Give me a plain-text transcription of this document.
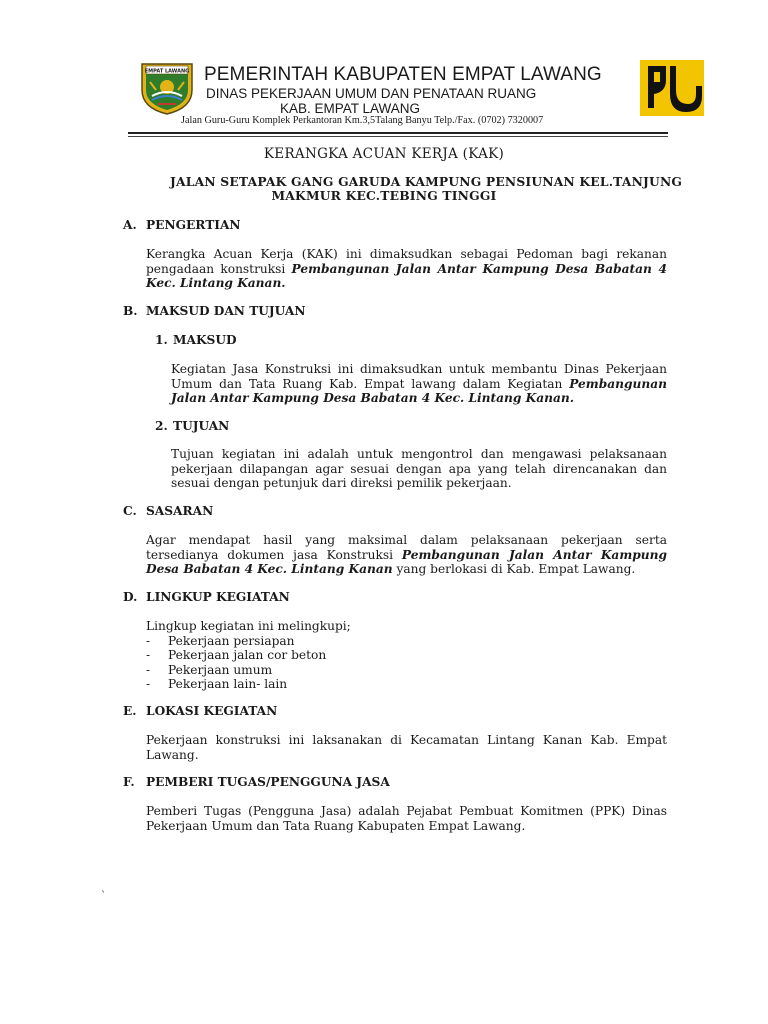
EMPAT LAWANG PEMERINTAH KABUPATEN EMPAT LAWANG
DINAS PEKERJAAN UMUM DAN PENATAAN RUANG
KAB. EMPAT LAWANG
Jalan Guru-Guru Komplek Perkantoran Km.3,5Talang Banyu Telp./Fax. (0702) 7320007
KERANGKA ACUAN KERJA (KAK)
JALAN SETAPAK GANG GARUDA KAMPUNG PENSIUNAN KEL.TANJUNG
MAKMUR KEC.TEBING TINGGI
A. PENGERTIAN
Kerangka Acuan Kerja (KAK) ini dimaksudkan sebagai Pedoman bagi rekanan
pengadaan konstruksi Pembangunan Jalan Antar Kampung Desa Babatan 4
Kec. Lintang Kanan.
B. MAKSUD DAN TUJUAN
1. MAKSUD
Kegiatan Jasa Konstruksi ini dimaksudkan untuk membantu Dinas Pekerjaan
Umum dan Tata Ruang Kab. Empat lawang dalam Kegiatan Pembangunan
Jalan Antar Kampung Desa Babatan 4 Kec. Lintang Kanan.
2. TUJUAN
Tujuan kegiatan ini adalah untuk mengontrol dan mengawasi pelaksanaan
pekerjaan dilapangan agar sesuai dengan apa yang telah direncanakan dan
sesuai dengan petunjuk dari direksi pemilik pekerjaan.
C. SASARAN
Agar mendapat hasil yang maksimal dalam pelaksanaan pekerjaan serta
tersedianya dokumen jasa Konstruksi Pembangunan Jalan Antar Kampung
Desa Babatan 4 Kec. Lintang Kanan yang berlokasi di Kab. Empat Lawang.
D. LINGKUP KEGIATAN
Lingkup kegiatan ini melingkupi;
- Pekerjaan persiapan
- Pekerjaan jalan cor beton
- Pekerjaan umum
- Pekerjaan lain- lain
E. LOKASI KEGIATAN
Pekerjaan konstruksi ini laksanakan di Kecamatan Lintang Kanan Kab. Empat
Lawang.
F. PEMBERI TUGAS/PENGGUNA JASA
Pemberi Tugas (Pengguna Jasa) adalah Pejabat Pembuat Komitmen (PPK) Dinas
Pekerjaan Umum dan Tata Ruang Kabupaten Empat Lawang.
`
